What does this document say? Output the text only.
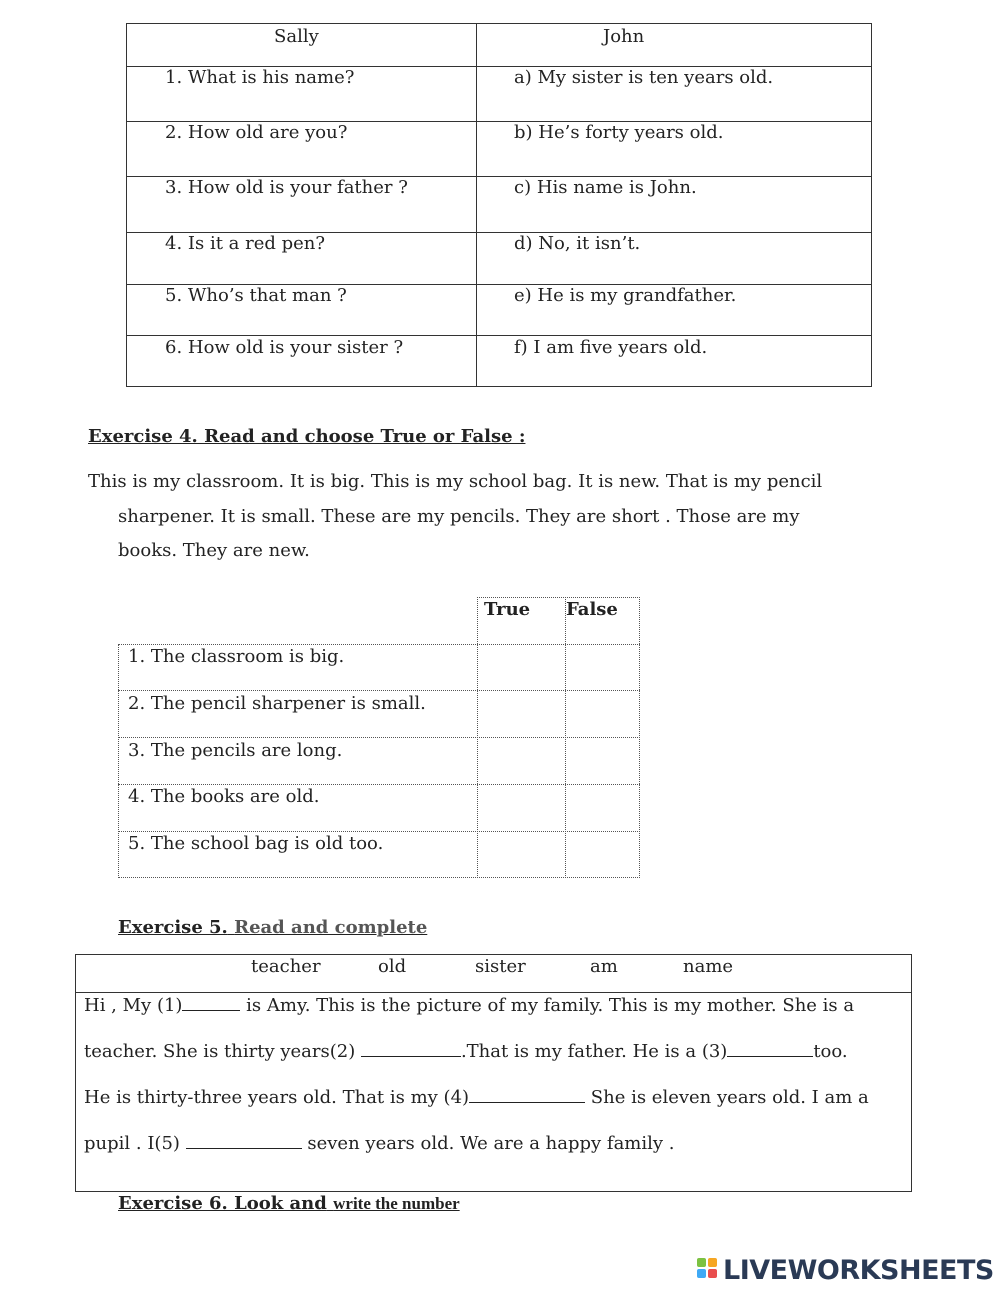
Sally	John
1. What is his name?	a) My sister is ten years old.
2. How old are you?	b) He’s forty years old.
3. How old is your father ?	c) His name is John.
4. Is it a red pen?	d) No, it isn’t.
5. Who’s that man ?	e) He is my grandfather.
6. How old is your sister ?	f) I am five years old.
Exercise 4. Read and choose True or False :
This is my classroom. It is big. This is my school bag. It is new. That is my pencil
sharpener. It is small. These are my pencils. They are short . Those are my
books. They are new.
True False
1. The classroom is big.
2. The pencil sharpener is small.
3. The pencils are long.
4. The books are old.
5. The school bag is old too.
Exercise 5. Read and complete
teacher	old	sister	am	name
Hi , My (1)	is Amy. This is the picture of my family. This is my mother. She is a
teacher. She is thirty years(2)	.That is my father. He is a (3)	too.
He is thirty-three years old. That is my (4)	She is eleven years old. I am a
pupil . I(5)	seven years old. We are a happy family .
Exercise 6. Look and write the number
LIVEWORKSHEETS
